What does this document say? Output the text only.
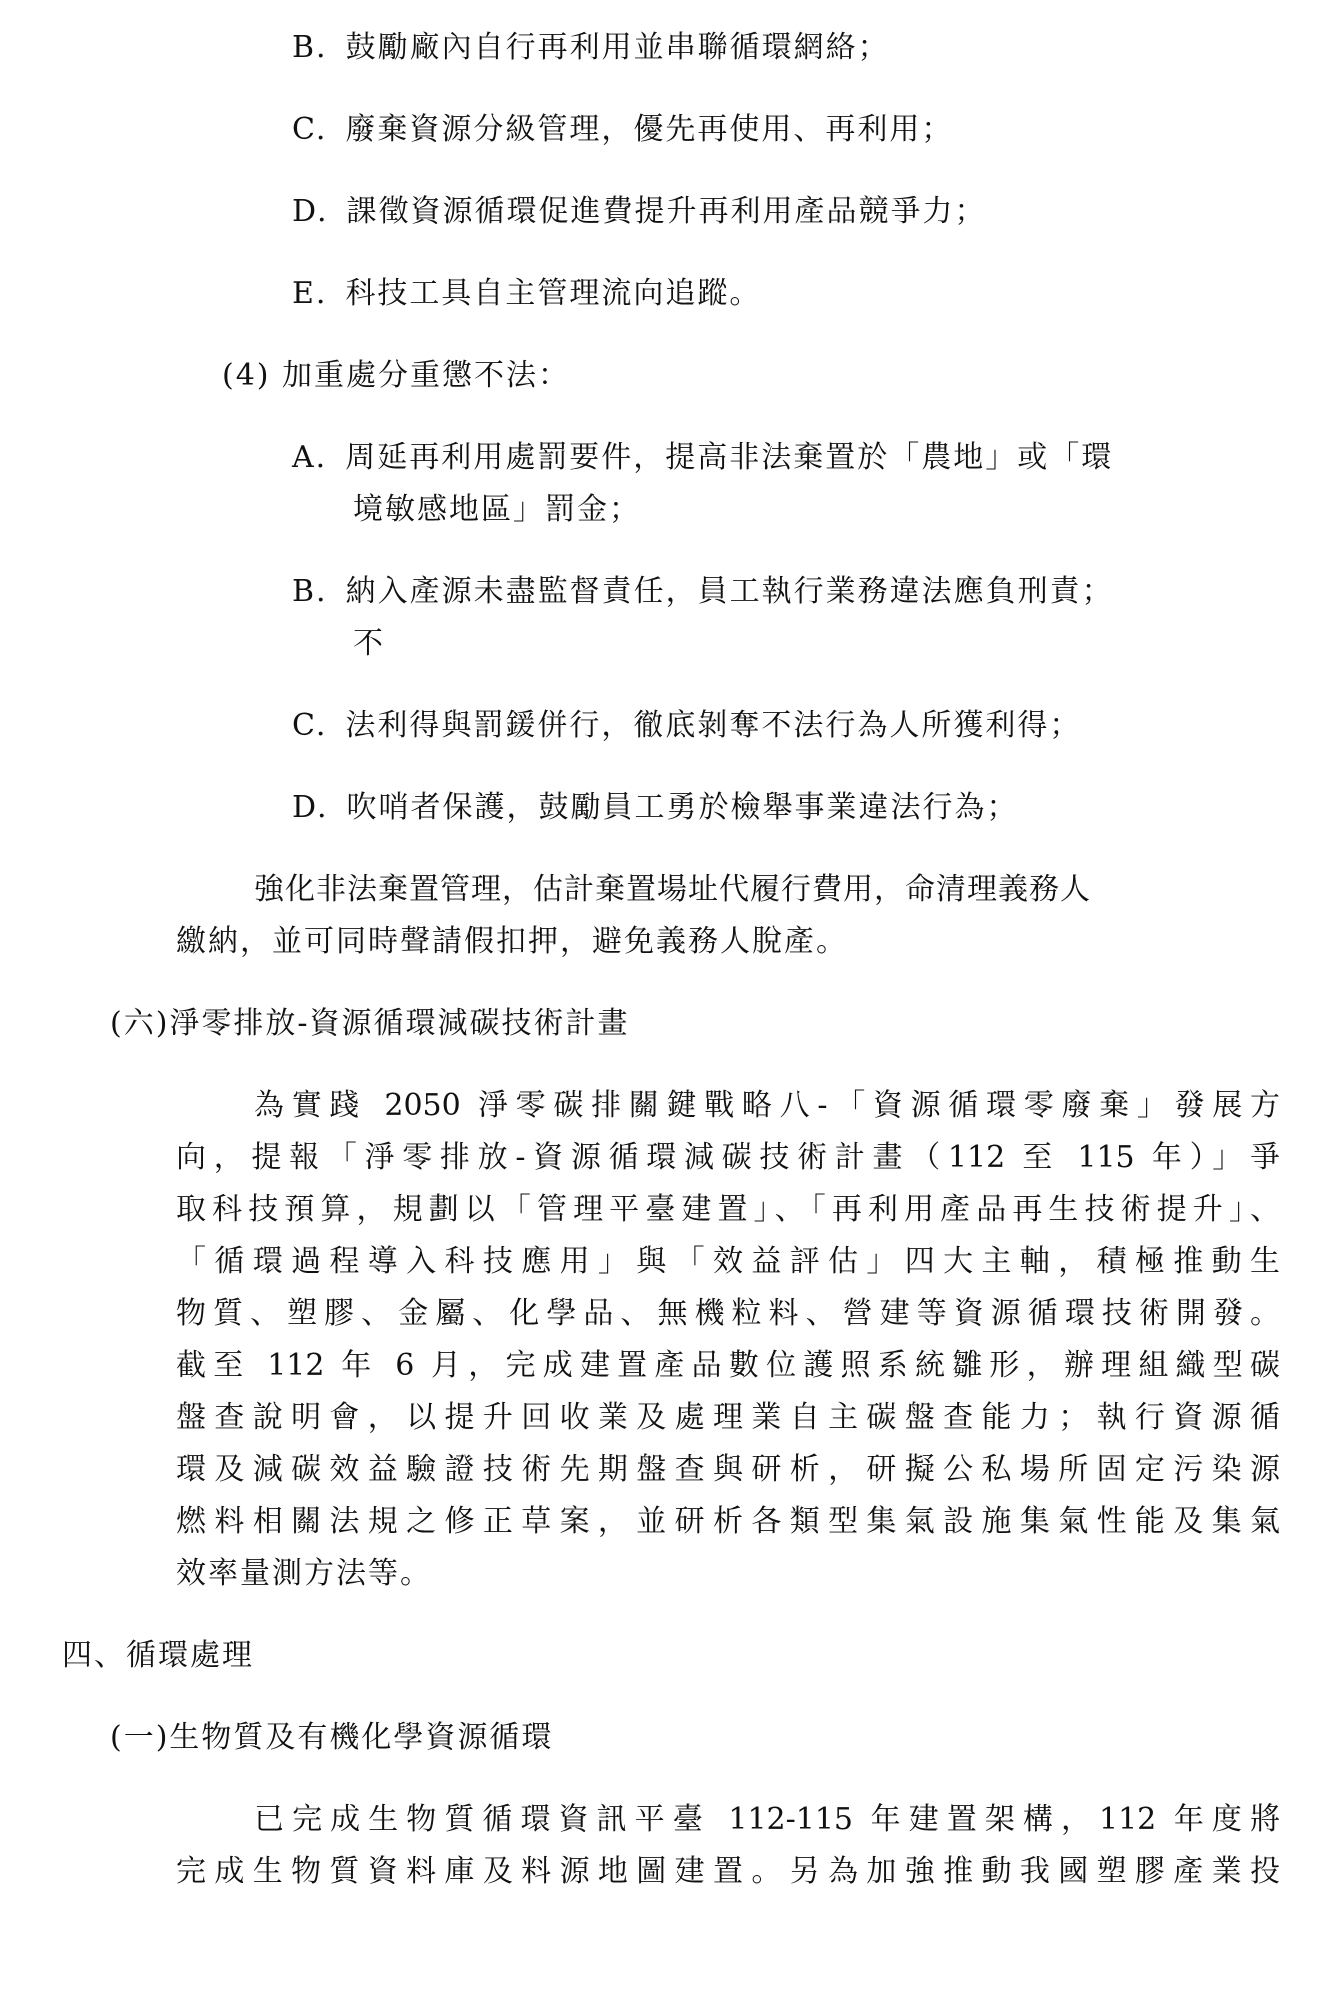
B. 鼓勵廠內自行再利用並串聯循環網絡；
C. 廢棄資源分級管理，優先再使用、再利用；
D. 課徵資源循環促進費提升再利用產品競爭力；
E. 科技工具自主管理流向追蹤。
(4) 加重處分重懲不法：
A. 周延再利用處罰要件，提高非法棄置於「農地」或「環
境敏感地區」罰金；
B. 納入產源未盡監督責任，員工執行業務違法應負刑責；
不
C. 法利得與罰鍰併行，徹底剝奪不法行為人所獲利得；
D. 吹哨者保護，鼓勵員工勇於檢舉事業違法行為；
強化非法棄置管理，估計棄置場址代履行費用，命清理義務人
繳納，並可同時聲請假扣押，避免義務人脫產。
(六)淨零排放-資源循環減碳技術計畫
為實踐 2050 淨零碳排關鍵戰略八-「資源循環零廢棄」發展方
向，提報「淨零排放-資源循環減碳技術計畫（112 至 115 年）」爭
取科技預算，規劃以「管理平臺建置」、「再利用產品再生技術提升」、
「循環過程導入科技應用」與「效益評估」四大主軸，積極推動生
物質、塑膠、金屬、化學品、無機粒料、營建等資源循環技術開發。
截至 112 年 6 月，完成建置產品數位護照系統雛形，辦理組織型碳
盤查說明會，以提升回收業及處理業自主碳盤查能力；執行資源循
環及減碳效益驗證技術先期盤查與研析，研擬公私場所固定污染源
燃料相關法規之修正草案，並研析各類型集氣設施集氣性能及集氣
效率量測方法等。
四、循環處理
(一)生物質及有機化學資源循環
已完成生物質循環資訊平臺 112-115 年建置架構，112 年度將
完成生物質資料庫及料源地圖建置。另為加強推動我國塑膠產業投
